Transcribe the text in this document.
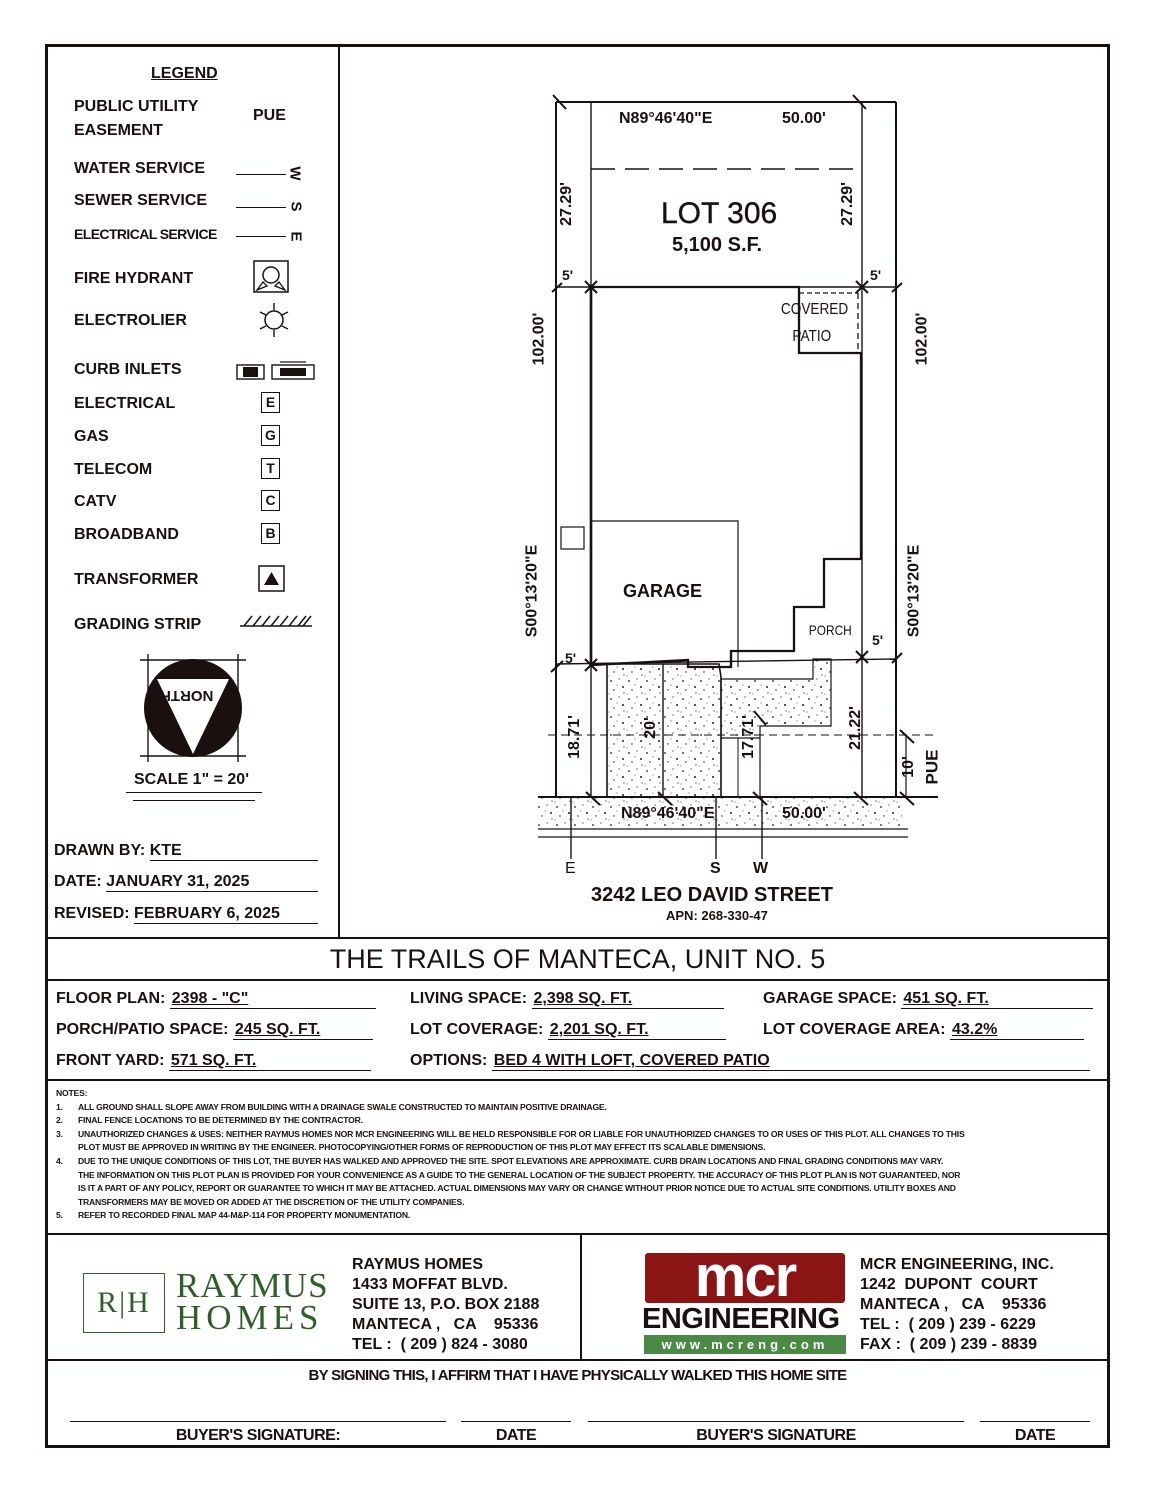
LEGEND
PUBLIC UTILITY
EASEMENT
PUE
WATER SERVICE	W
SEWER SERVICE	S
ELECTRICAL SERVICE	E
FIRE HYDRANT
ELECTROLIER
CURB INLETS
ELECTRICAL	E
GAS	G
TELECOM	T
CATV	C
BROADBAND	B
TRANSFORMER
GRADING STRIP
NORTH
SCALE 1" = 20'
DRAWN BY: KTE
DATE: JANUARY 31, 2025
REVISED: FEBRUARY 6, 2025
N89°46'40"E	50.00'
27.29'	27.29'
LOT 306
5,100 S.F.
5'	5'
102.00'	102.00'
COVERED
PATIO
S00°13'20"E	S00°13'20"E
GARAGE
PORCH
5'
5'
18.71'	20'	17.71'	21.22'
10' PUE
N89°46'40"E	50.00'
E	S W
3242 LEO DAVID STREET
APN: 268-330-47
THE TRAILS OF MANTECA, UNIT NO. 5
FLOOR PLAN: 2398 - "C"	LIVING SPACE: 2,398 SQ. FT.	GARAGE SPACE: 451 SQ. FT.
PORCH/PATIO SPACE: 245 SQ. FT.	LOT COVERAGE: 2,201 SQ. FT.	LOT COVERAGE AREA: 43.2%
FRONT YARD: 571 SQ. FT.	OPTIONS: BED 4 WITH LOFT, COVERED PATIO
NOTES:
1. ALL GROUND SHALL SLOPE AWAY FROM BUILDING WITH A DRAINAGE SWALE CONSTRUCTED TO MAINTAIN POSITIVE DRAINAGE.
2. FINAL FENCE LOCATIONS TO BE DETERMINED BY THE CONTRACTOR.
3. UNAUTHORIZED CHANGES & USES: NEITHER RAYMUS HOMES NOR MCR ENGINEERING WILL BE HELD RESPONSIBLE FOR OR LIABLE FOR UNAUTHORIZED CHANGES TO OR USES OF THIS PLOT. ALL CHANGES TO THIS
PLOT MUST BE APPROVED IN WRITING BY THE ENGINEER. PHOTOCOPYING/OTHER FORMS OF REPRODUCTION OF THIS PLOT MAY EFFECT ITS SCALABLE DIMENSIONS.
4. DUE TO THE UNIQUE CONDITIONS OF THIS LOT, THE BUYER HAS WALKED AND APPROVED THE SITE. SPOT ELEVATIONS ARE APPROXIMATE. CURB DRAIN LOCATIONS AND FINAL GRADING CONDITIONS MAY VARY.
THE INFORMATION ON THIS PLOT PLAN IS PROVIDED FOR YOUR CONVENIENCE AS A GUIDE TO THE GENERAL LOCATION OF THE SUBJECT PROPERTY. THE ACCURACY OF THIS PLOT PLAN IS NOT GUARANTEED, NOR
IS IT A PART OF ANY POLICY, REPORT OR GUARANTEE TO WHICH IT MAY BE ATTACHED. ACTUAL DIMENSIONS MAY VARY OR CHANGE WITHOUT PRIOR NOTICE DUE TO ACTUAL SITE CONDITIONS. UTILITY BOXES AND
TRANSFORMERS MAY BE MOVED OR ADDED AT THE DISCRETION OF THE UTILITY COMPANIES.
5. REFER TO RECORDED FINAL MAP 44-M&P-114 FOR PROPERTY MONUMENTATION.
R|H RAYMUS
HOMES
RAYMUS HOMES
1433 MOFFAT BLVD.
SUITE 13, P.O. BOX 2188
MANTECA ,   CA    95336
TEL :  ( 209 ) 824 - 3080
mcr
ENGINEERING
www.mcreng.com
MCR ENGINEERING, INC.
1242  DUPONT  COURT
MANTECA ,   CA    95336
TEL :  ( 209 ) 239 - 6229
FAX :  ( 209 ) 239 - 8839
BY SIGNING THIS, I AFFIRM THAT I HAVE PHYSICALLY WALKED THIS HOME SITE
BUYER'S SIGNATURE:	DATE	BUYER'S SIGNATURE	DATE
